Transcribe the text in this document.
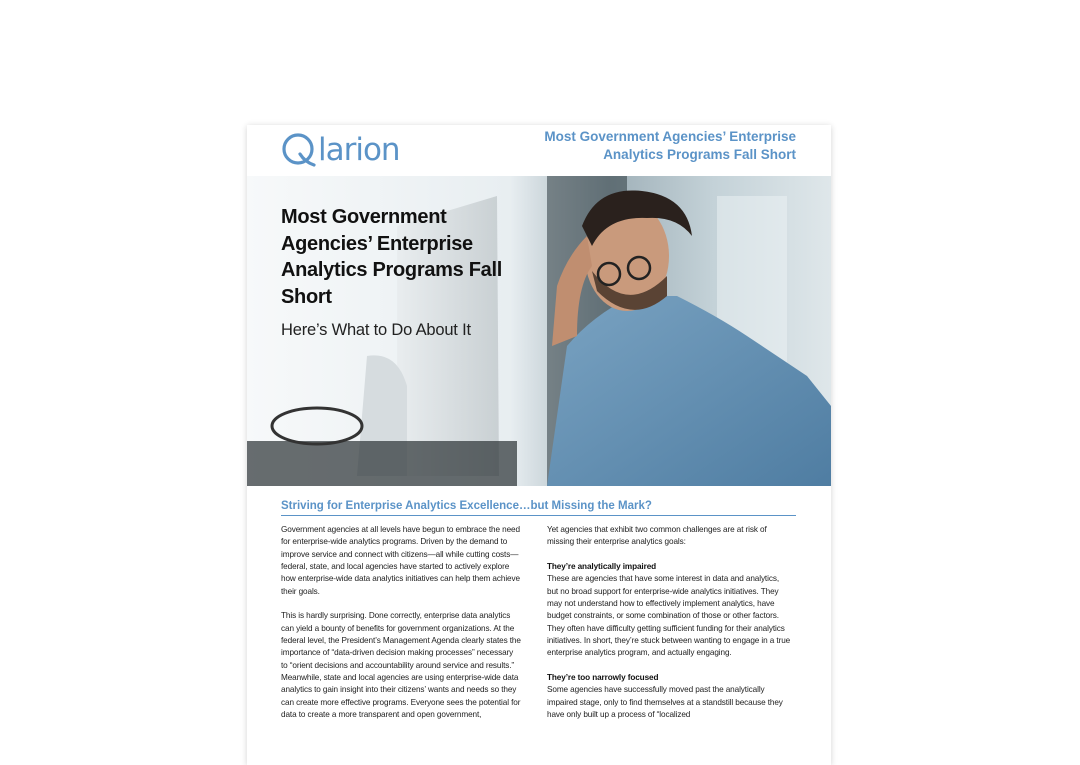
larion	Most Government Agencies’ Enterprise Analytics Programs Fall Short
Most Government Agencies’ Enterprise Analytics Programs Fall Short
Here’s What to Do About It
Striving for Enterprise Analytics Excellence…but Missing the Mark?

Government agencies at all levels have begun to embrace the need for enterprise-wide analytics programs. Driven by the demand to improve service and connect with citizens—all while cutting costs—federal, state, and local agencies have started to actively explore how enterprise-wide data analytics initiatives can help them achieve their goals.

This is hardly surprising. Done correctly, enterprise data analytics can yield a bounty of benefits for government organizations. At the federal level, the President’s Management Agenda clearly states the importance of “data-driven decision making processes” necessary to “orient decisions and accountability around service and results.” Meanwhile, state and local agencies are using enterprise-wide data analytics to gain insight into their citizens’ wants and needs so they can create more effective programs. Everyone sees the potential for data to create a more transparent and open government,

Yet agencies that exhibit two common challenges are at risk of missing their enterprise analytics goals:

They’re analytically impaired

These are agencies that have some interest in data and analytics, but no broad support for enterprise-wide analytics initiatives. They may not understand how to effectively implement analytics, have budget constraints, or some combination of those or other factors. They often have difficulty getting sufficient funding for their analytics initiatives. In short, they’re stuck between wanting to engage in a true enterprise analytics program, and actually engaging.

They’re too narrowly focused

Some agencies have successfully moved past the analytically impaired stage, only to find themselves at a standstill because they have only built up a process of “localized
